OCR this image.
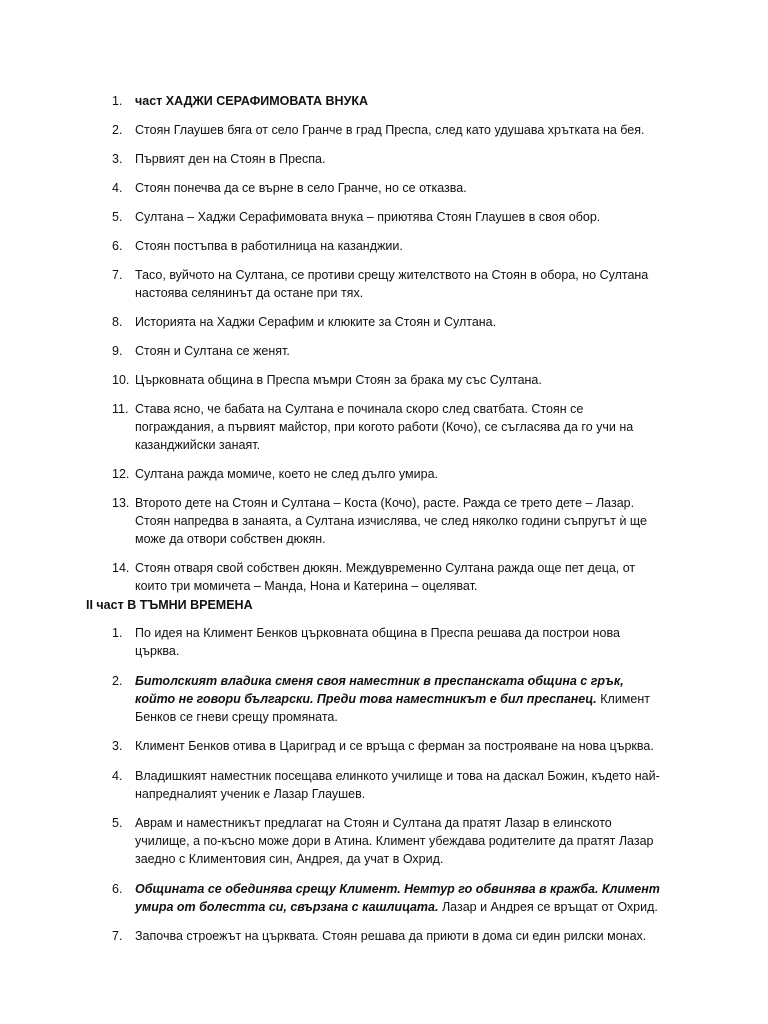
1. част ХАДЖИ СЕРАФИМОВАТА ВНУКА
2. Стоян Глаушев бяга от село Гранче в град Преспа, след като удушава хрътката на бея.
3. Първият ден на Стоян в Преспа.
4. Стоян понечва да се върне в село Гранче, но се отказва.
5. Султана – Хаджи Серафимовата внука – приютява Стоян Глаушев в своя обор.
6. Стоян постъпва в работилница на казанджии.
7. Тасо, вуйчото на Султана, се противи срещу жителството на Стоян в обора, но Султана настоява селянинът да остане при тях.
8. Историята на Хаджи Серафим и клюките за Стоян и Султана.
9. Стоян и Султана се женят.
10. Църковната община в Преспа мъмри Стоян за брака му със Султана.
11. Става ясно, че бабата на Султана е починала скоро след сватбата. Стоян се пограждания, а първият майстор, при когото работи (Кочо), се съгласява да го учи на казанджийски занаят.
12. Султана ражда момиче, което не след дълго умира.
13. Второто дете на Стоян и Султана – Коста (Кочо), расте. Ражда се трето дете – Лазар. Стоян напредва в занаята, а Султана изчислява, че след няколко години съпругът ѝ ще може да отвори собствен дюкян.
14. Стоян отваря свой собствен дюкян. Междувременно Султана ражда още пет деца, от които три момичета – Манда, Нона и Катерина – оцеляват.
II част В ТЪМНИ ВРЕМЕНА
1. По идея на Климент Бенков църковната община в Преспа решава да построи нова църква.
2. Битолският владика сменя своя наместник в преспанската община с грък, който не говори български. Преди това наместникът е бил преспанец. Климент Бенков се гневи срещу промяната.
3. Климент Бенков отива в Цариград и се връща с ферман за построяване на нова църква.
4. Владишкият наместник посещава елинкото училище и това на даскал Божин, където най-напредналият ученик е Лазар Глаушев.
5. Аврам и наместникът предлагат на Стоян и Султана да пратят Лазар в елинското училище, а по-късно може дори в Атина. Климент убеждава родителите да пратят Лазар заедно с Климентовия син, Андрея, да учат в Охрид.
6. Общината се обединява срещу Климент. Немтур го обвинява в кражба. Климент умира от болестта си, свързана с кашлицата. Лазар и Андрея се връщат от Охрид.
7. Започва строежът на църквата. Стоян решава да приюти в дома си един рилски монах.
